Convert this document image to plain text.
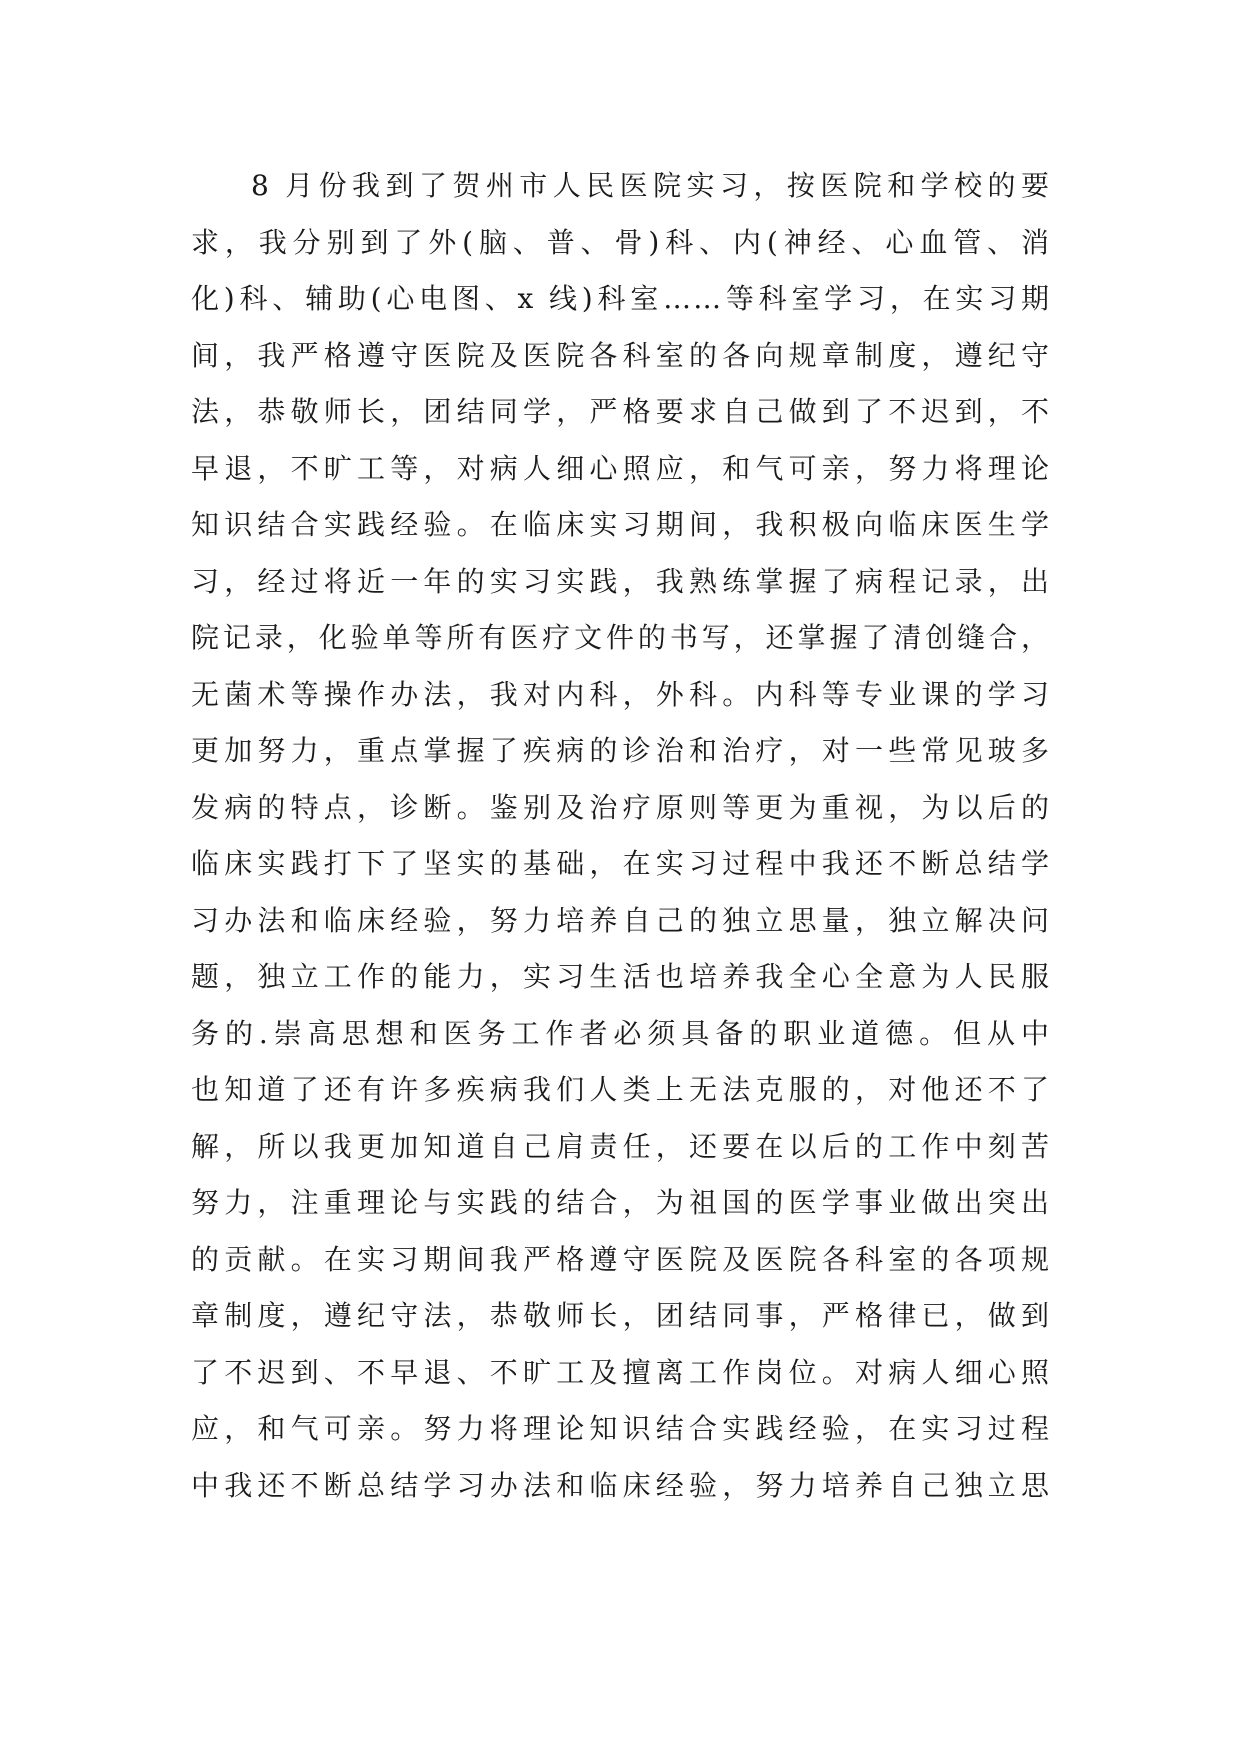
8 月份我到了贺州市人民医院实习，按医院和学校的要
求，我分别到了外(脑、普、骨)科、内(神经、心血管、消
化)科、辅助(心电图、x 线)科室……等科室学习，在实习期
间，我严格遵守医院及医院各科室的各向规章制度，遵纪守
法，恭敬师长，团结同学，严格要求自己做到了不迟到，不
早退，不旷工等，对病人细心照应，和气可亲，努力将理论
知识结合实践经验。在临床实习期间，我积极向临床医生学
习，经过将近一年的实习实践，我熟练掌握了病程记录，出
院记录，化验单等所有医疗文件的书写，还掌握了清创缝合，
无菌术等操作办法，我对内科，外科。内科等专业课的学习
更加努力，重点掌握了疾病的诊治和治疗，对一些常见玻多
发病的特点，诊断。鉴别及治疗原则等更为重视，为以后的
临床实践打下了坚实的基础，在实习过程中我还不断总结学
习办法和临床经验，努力培养自己的独立思量，独立解决问
题，独立工作的能力，实习生活也培养我全心全意为人民服
务的.崇高思想和医务工作者必须具备的职业道德。但从中
也知道了还有许多疾病我们人类上无法克服的，对他还不了
解，所以我更加知道自己肩责任，还要在以后的工作中刻苦
努力，注重理论与实践的结合，为祖国的医学事业做出突出
的贡献。在实习期间我严格遵守医院及医院各科室的各项规
章制度，遵纪守法，恭敬师长，团结同事，严格律已，做到
了不迟到、不早退、不旷工及擅离工作岗位。对病人细心照
应，和气可亲。努力将理论知识结合实践经验，在实习过程
中我还不断总结学习办法和临床经验，努力培养自己独立思
